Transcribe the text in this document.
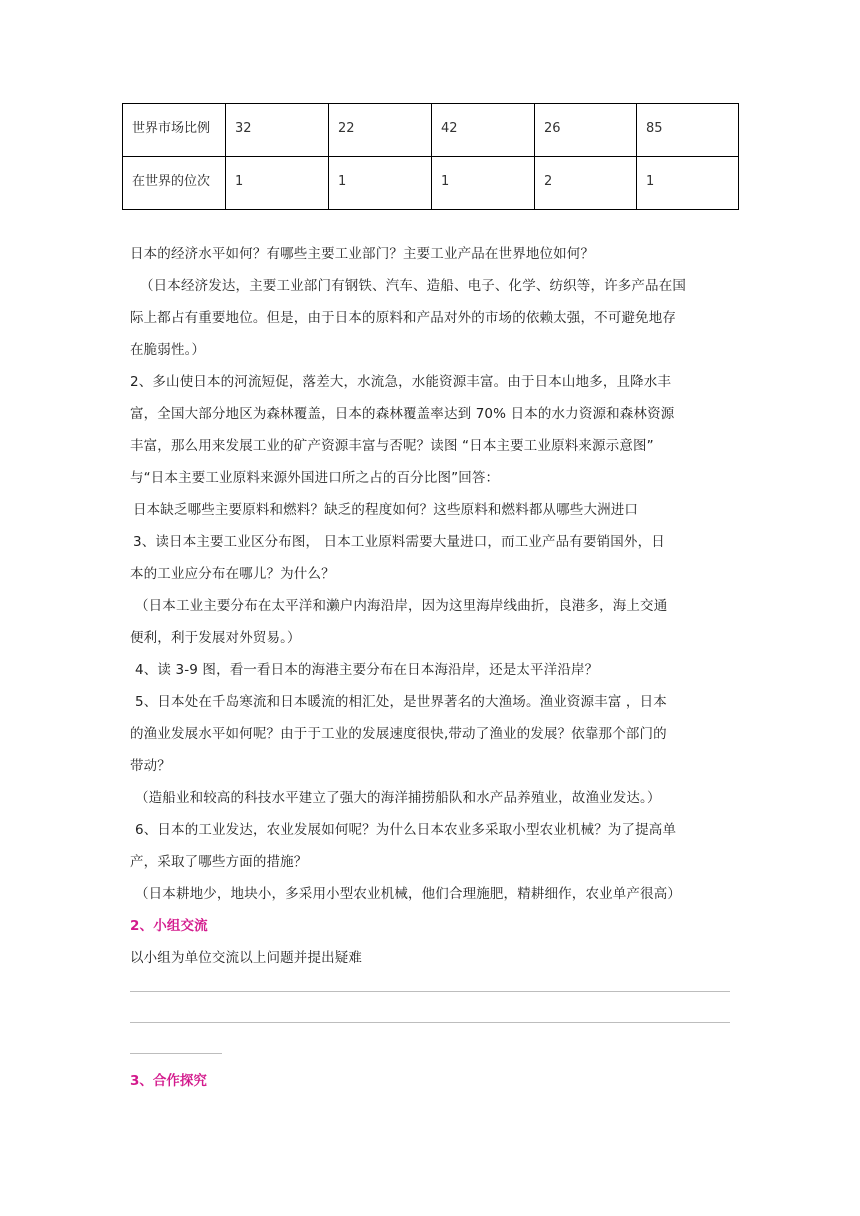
世界市场比例	32	22	42	26	85
在世界的位次	1	1	1	2	1
日本的经济水平如何？有哪些主要工业部门？主要工业产品在世界地位如何？
（日本经济发达，主要工业部门有钢铁、汽车、造船、电子、化学、纺织等，许多产品在国
际上都占有重要地位。但是，由于日本的原料和产品对外的市场的依赖太强，不可避免地存
在脆弱性。）
2、多山使日本的河流短促，落差大，水流急，水能资源丰富。由于日本山地多，且降水丰
富，全国大部分地区为森林覆盖，日本的森林覆盖率达到 70% 日本的水力资源和森林资源
丰富，那么用来发展工业的矿产资源丰富与否呢？读图 “日本主要工业原料来源示意图”
与“日本主要工业原料来源外国进口所之占的百分比图”回答：
日本缺乏哪些主要原料和燃料？缺乏的程度如何？这些原料和燃料都从哪些大洲进口
3、读日本主要工业区分布图， 日本工业原料需要大量进口，而工业产品有要销国外，日
本的工业应分布在哪儿？为什么？
（日本工业主要分布在太平洋和濑户内海沿岸，因为这里海岸线曲折，良港多，海上交通
便利，利于发展对外贸易。）
4、读 3-9 图，看一看日本的海港主要分布在日本海沿岸，还是太平洋沿岸？
5、日本处在千岛寒流和日本暖流的相汇处，是世界著名的大渔场。渔业资源丰富 ，日本
的渔业发展水平如何呢？由于于工业的发展速度很快,带动了渔业的发展？依靠那个部门的
带动？
（造船业和较高的科技水平建立了强大的海洋捕捞船队和水产品养殖业，故渔业发达。）
6、日本的工业发达，农业发展如何呢？为什么日本农业多采取小型农业机械？为了提高单
产，采取了哪些方面的措施？
（日本耕地少，地块小，多采用小型农业机械，他们合理施肥，精耕细作，农业单产很高）
2、小组交流
以小组为单位交流以上问题并提出疑难
3、合作探究
